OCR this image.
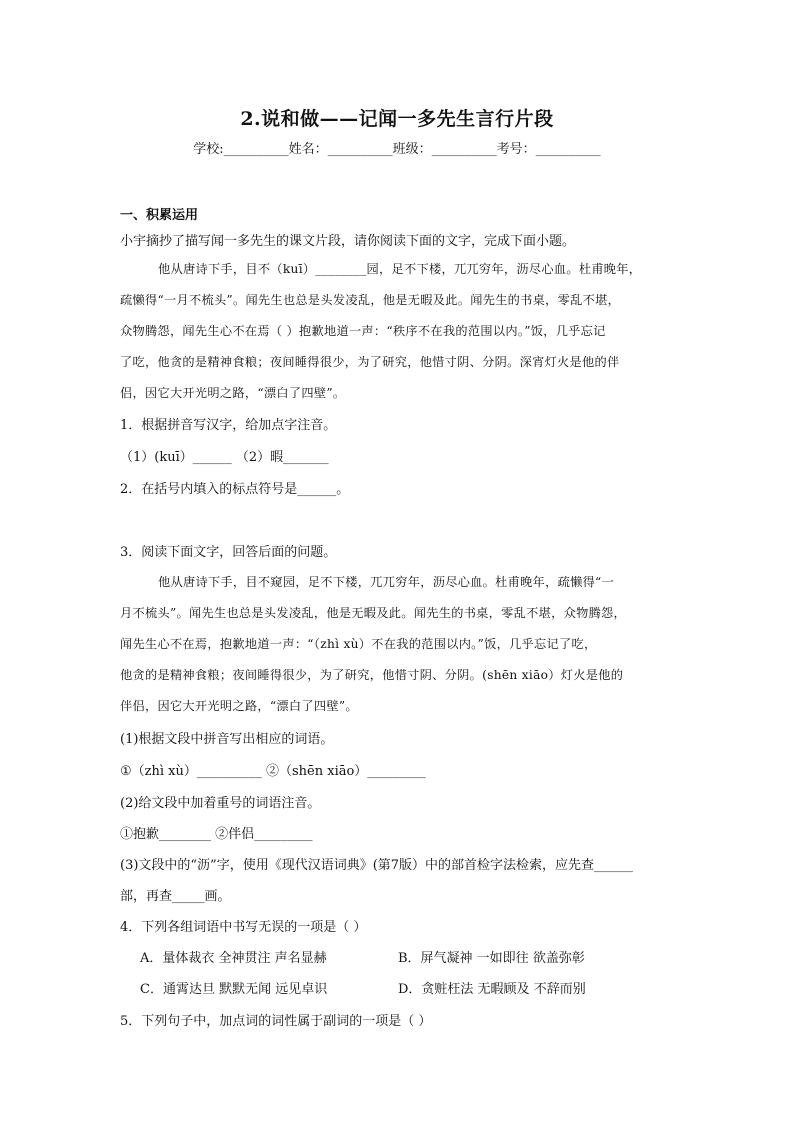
2.说和做——记闻一多先生言行片段
学校:__________姓名：__________班级：__________考号：__________
一、积累运用
小宇摘抄了描写闻一多先生的课文片段，请你阅读下面的文字，完成下面小题。
他从唐诗下手，目不（kuī）________园，足不下楼，兀兀穷年，沥尽心血。杜甫晚年，
疏懒得“一月不梳头”。闻先生也总是头发凌乱，他是无暇及此。闻先生的书桌，零乱不堪，
众物腾怨，闻先生心不在焉（ ）抱歉地道一声：“秩序不在我的范围以内。”饭，几乎忘记
了吃，他贪的是精神食粮；夜间睡得很少，为了研究，他惜寸阴、分阴。深宵灯火是他的伴
侣，因它大开光明之路，“漂白了四壁”。
1．根据拼音写汉字，给加点字注音。
（1）(kuī）______ （2）暇_______
2．在括号内填入的标点符号是______。
3．阅读下面文字，回答后面的问题。
他从唐诗下手，目不窥园，足不下楼，兀兀穷年，沥尽心血。杜甫晚年，疏懒得“一
月不梳头”。闻先生也总是头发凌乱，他是无暇及此。闻先生的书桌，零乱不堪，众物腾怨，
闻先生心不在焉，抱歉地道一声：“（zhì xù）不在我的范围以内。”饭，几乎忘记了吃，
他贪的是精神食粮；夜间睡得很少，为了研究，他惜寸阴、分阴。(shēn xiāo）灯火是他的
伴侣，因它大开光明之路，“漂白了四壁”。
(1)根据文段中拼音写出相应的词语。
①（zhì xù）__________ ②（shēn xiāo）_________
(2)给文段中加着重号的词语注音。
①抱歉________ ②伴侣_________
(3)文段中的“沥”字，使用《现代汉语词典》(第7版）中的部首检字法检索，应先查______
部，再查_____画。
4．下列各组词语中书写无误的一项是（ ）
A．量体裁衣 全神贯注 声名显赫	B．屏气凝神 一如即往 欲盖弥彰
C．通霄达旦 默默无闻 远见卓识	D．贪赃枉法 无暇顾及 不辞而别
5．下列句子中，加点词的词性属于副词的一项是（ ）
